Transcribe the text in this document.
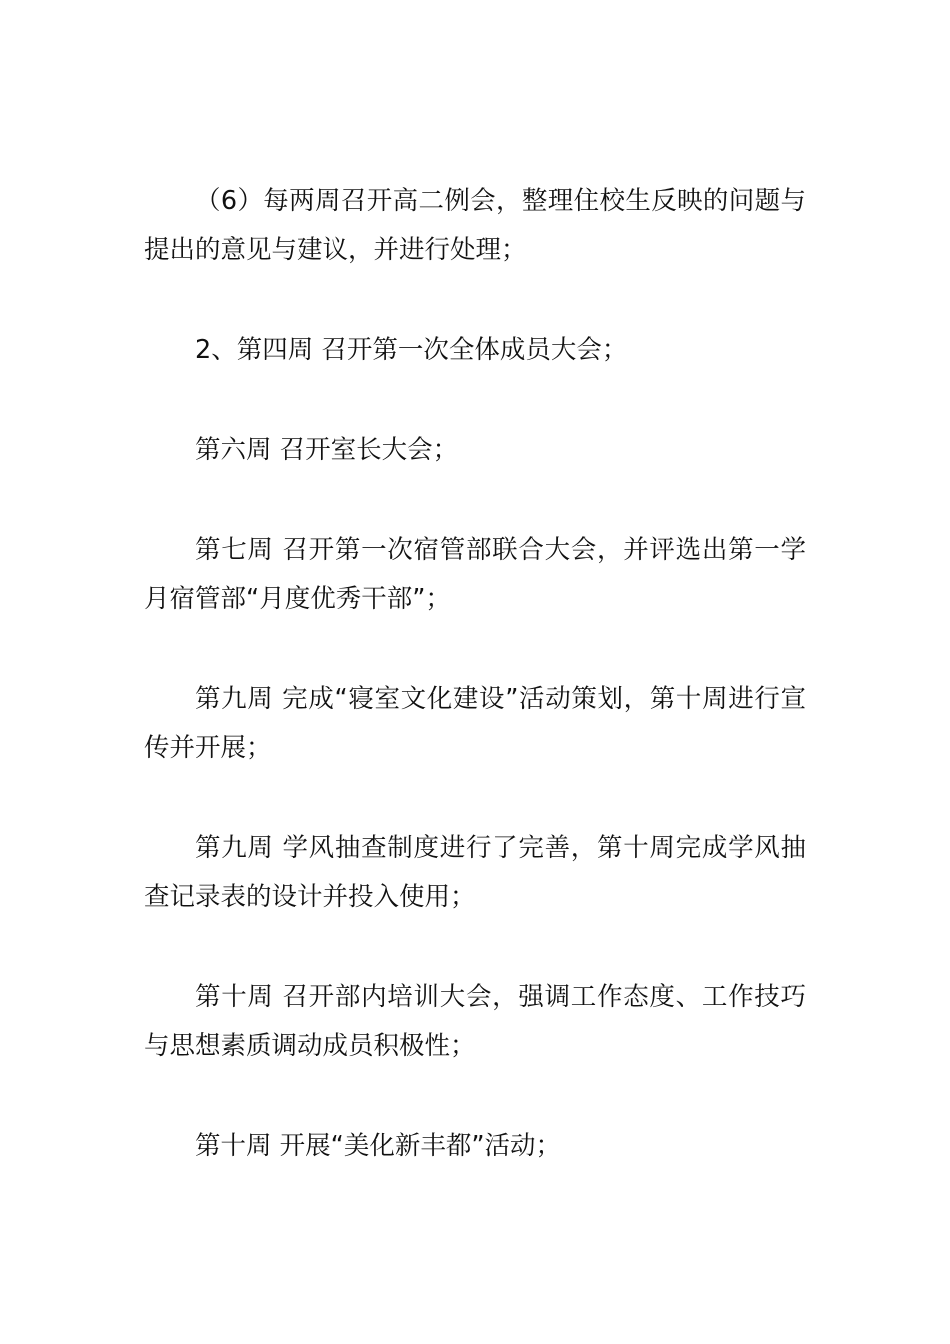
（6）每两周召开高二例会，整理住校生反映的问题与提出的意见与建议，并进行处理；

2、第四周 召开第一次全体成员大会；

第六周 召开室长大会；

第七周 召开第一次宿管部联合大会，并评选出第一学月宿管部“月度优秀干部”；

第九周 完成“寝室文化建设”活动策划，第十周进行宣传并开展；

第九周 学风抽查制度进行了完善，第十周完成学风抽查记录表的设计并投入使用；

第十周 召开部内培训大会，强调工作态度、工作技巧与思想素质调动成员积极性；

第十周 开展“美化新丰都”活动；
